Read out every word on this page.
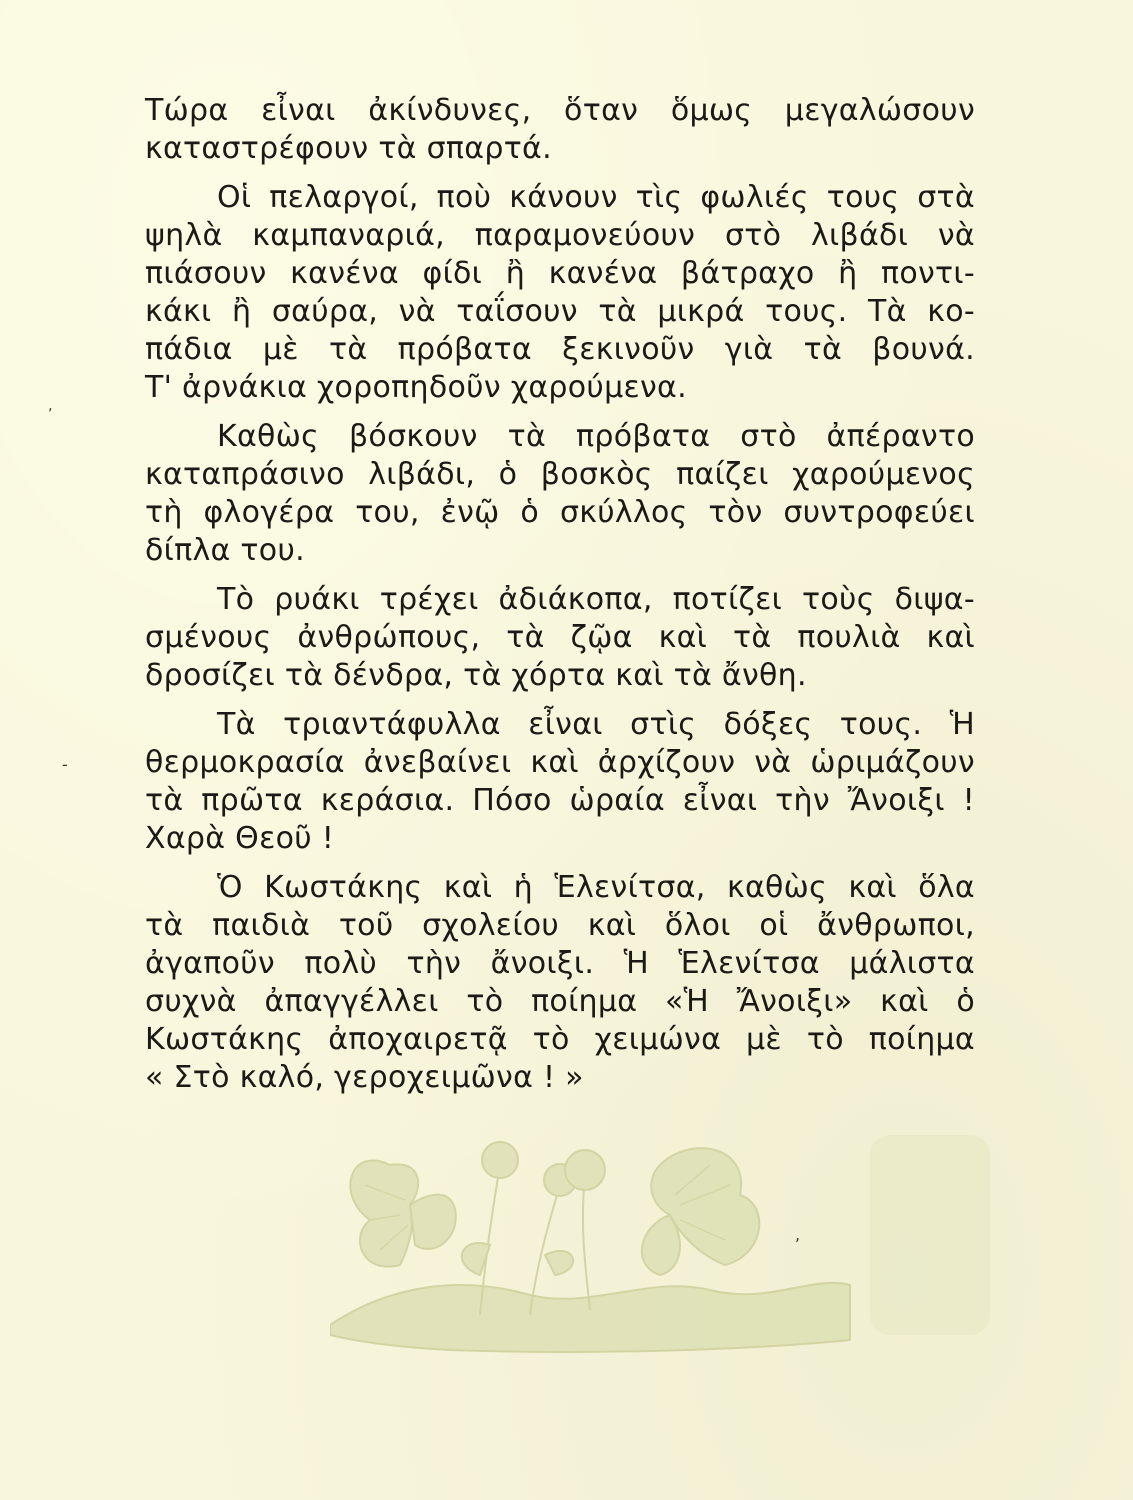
Τώρα εἶναι ἀκίνδυνες, ὅταν ὅμως μεγαλώσουν
καταστρέφουν τὰ σπαρτά.
Οἱ πελαργοί, ποὺ κάνουν τὶς φωλιές τους στὰ
ψηλὰ καμπαναριά, παραμονεύουν στὸ λιβάδι νὰ
πιάσουν κανένα φίδι ἢ κανένα βάτραχο ἢ ποντι-
κάκι ἢ σαύρα, νὰ ταΐσουν τὰ μικρά τους. Τὰ κο-
πάδια μὲ τὰ πρόβατα ξεκινοῦν γιὰ τὰ βουνά.
Τ' ἀρνάκια χοροπηδοῦν χαρούμενα.
Καθὼς βόσκουν τὰ πρόβατα στὸ ἀπέραντο
καταπράσινο λιβάδι, ὁ βοσκὸς παίζει χαρούμενος
τὴ φλογέρα του, ἐνῷ ὁ σκύλλος τὸν συντροφεύει
δίπλα του.
Τὸ ρυάκι τρέχει ἀδιάκοπα, ποτίζει τοὺς διψα-
σμένους ἀνθρώπους, τὰ ζῷα καὶ τὰ πουλιὰ καὶ
δροσίζει τὰ δένδρα, τὰ χόρτα καὶ τὰ ἄνθη.
Τὰ τριαντάφυλλα εἶναι στὶς δόξες τους. Ἡ
θερμοκρασία ἀνεβαίνει καὶ ἀρχίζουν νὰ ὡριμάζουν
τὰ πρῶτα κεράσια. Πόσο ὡραία εἶναι τὴν Ἄνοιξι !
Χαρὰ Θεοῦ !
Ὁ Κωστάκης καὶ ἡ Ἑλενίτσα, καθὼς καὶ ὅλα
τὰ παιδιὰ τοῦ σχολείου καὶ ὅλοι οἱ ἄνθρωποι,
ἀγαποῦν πολὺ τὴν ἄνοιξι. Ἡ Ἑλενίτσα μάλιστα
συχνὰ ἀπαγγέλλει τὸ ποίημα «Ἡ Ἄνοιξι» καὶ ὁ
Κωστάκης ἀποχαιρετᾷ τὸ χειμώνα μὲ τὸ ποίημα
« Στὸ καλό, γεροχειμῶνα ! »
‚
-
,
